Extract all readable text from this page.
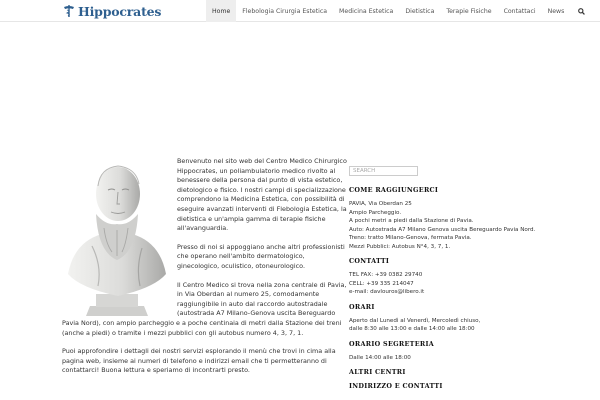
Hippocrates	Home	Flebologia Cirurgia Estetica	Medicina Estetica	Dietistica	Terapie Fisiche	Contattaci	News

Benvenuto nel sito web del Centro Medico Chirurgico Hippocrates, un poliambulatorio medico rivolto al benessere della persona dal punto di vista estetico, dietologico e fisico. I nostri campi di specializzazione comprendono la Medicina Estetica, con possibilità di eseguire avanzati interventi di Flebologia Estetica, la dietistica e un'ampia gamma di terapie fisiche all'avanguardia.

Presso di noi si appoggiano anche altri professionisti che operano nell'ambito dermatologico, ginecologico, oculistico, otoneurologico.

Il Centro Medico si trova nella zona centrale di Pavia, in Via Oberdan al numero 25, comodamente raggiungibile in auto dal raccordo autostradale (autostrada A7 Milano-Genova uscita Bereguardo
Pavia Nord), con ampio parcheggio e a poche centinaia di metri dalla Stazione dei treni (anche a piedi) o tramite i mezzi pubblici con gli autobus numero 4, 3, 7, 1.

Puoi approfondire i dettagli dei nostri servizi esplorando il menù che trovi in cima alla pagina web, insieme ai numeri di telefono e indirizzi email che ti permetteranno di contattarci! Buona lettura e speriamo di incontrarti presto.

SEARCH
COME RAGGIUNGERCI
PAVIA, Via Oberdan 25
Ampio Parcheggio.
A pochi metri a piedi dalla Stazione di Pavia.
Auto: Autostrada A7 Milano Genova uscita Bereguardo Pavia Nord.
Treno: tratto Milano-Genova, fermata Pavia.
Mezzi Pubblici: Autobus N°4, 3, 7, 1.
CONTATTI
TEL FAX: +39 0382 29740
CELL: +39 335 214047
e-mail: davlouros@libero.it
ORARI
Aperto dal Lunedì al Venerdì, Mercoledì chiuso,
dalle 8:30 alle 13:00 e dalle 14:00 alle 18:00
ORARIO SEGRETERIA
Dalle 14:00 alle 18:00
ALTRI CENTRI
INDIRIZZO E CONTATTI
